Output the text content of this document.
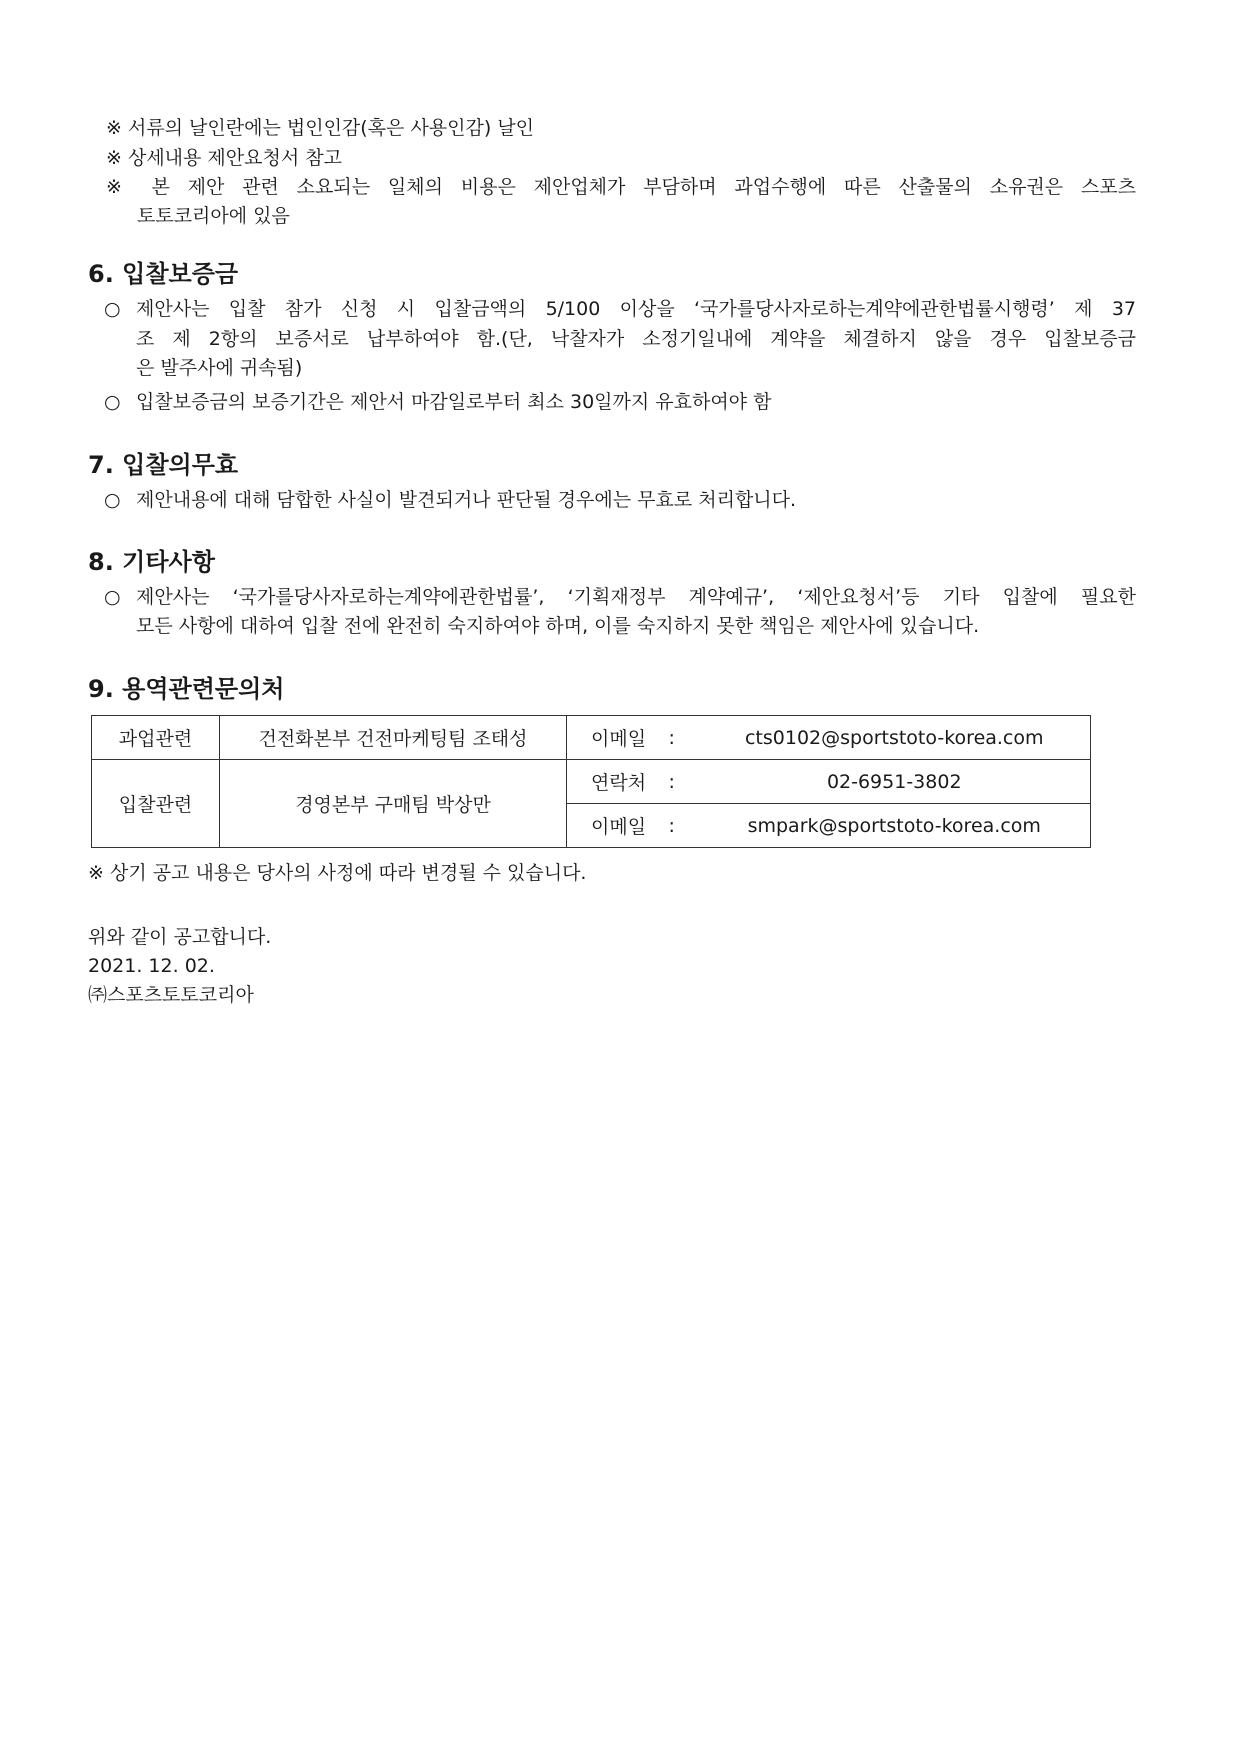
※ 서류의 날인란에는 법인인감(혹은 사용인감) 날인
※ 상세내용 제안요청서 참고
※ 본 제안 관련 소요되는 일체의 비용은 제안업체가 부담하며 과업수행에 따른 산출물의 소유권은 스포츠
토토코리아에 있음
6. 입찰보증금
○ 제안사는 입찰 참가 신청 시 입찰금액의 5/100 이상을 ‘국가를당사자로하는계약에관한법률시행령’ 제 37
조 제 2항의 보증서로 납부하여야 함.(단, 낙찰자가 소정기일내에 계약을 체결하지 않을 경우 입찰보증금
은 발주사에 귀속됨)
○ 입찰보증금의 보증기간은 제안서 마감일로부터 최소 30일까지 유효하여야 함
7. 입찰의무효
○ 제안내용에 대해 담합한 사실이 발견되거나 판단될 경우에는 무효로 처리합니다.
8. 기타사항
○ 제안사는 ‘국가를당사자로하는계약에관한법률’, ‘기획재정부 계약예규’, ‘제안요청서’등 기타 입찰에 필요한
모든 사항에 대하여 입찰 전에 완전히 숙지하여야 하며, 이를 숙지하지 못한 책임은 제안사에 있습니다.
9. 용역관련문의처
과업관련	건전화본부 건전마케팅팀 조태성	이메일	:	cts0102@sportstoto-korea.com
입찰관련	경영본부 구매팀 박상만	연락처	:	02-6951-3802
		이메일	:	smpark@sportstoto-korea.com
※ 상기 공고 내용은 당사의 사정에 따라 변경될 수 있습니다.
위와 같이 공고합니다.
2021. 12. 02.
㈜스포츠토토코리아
